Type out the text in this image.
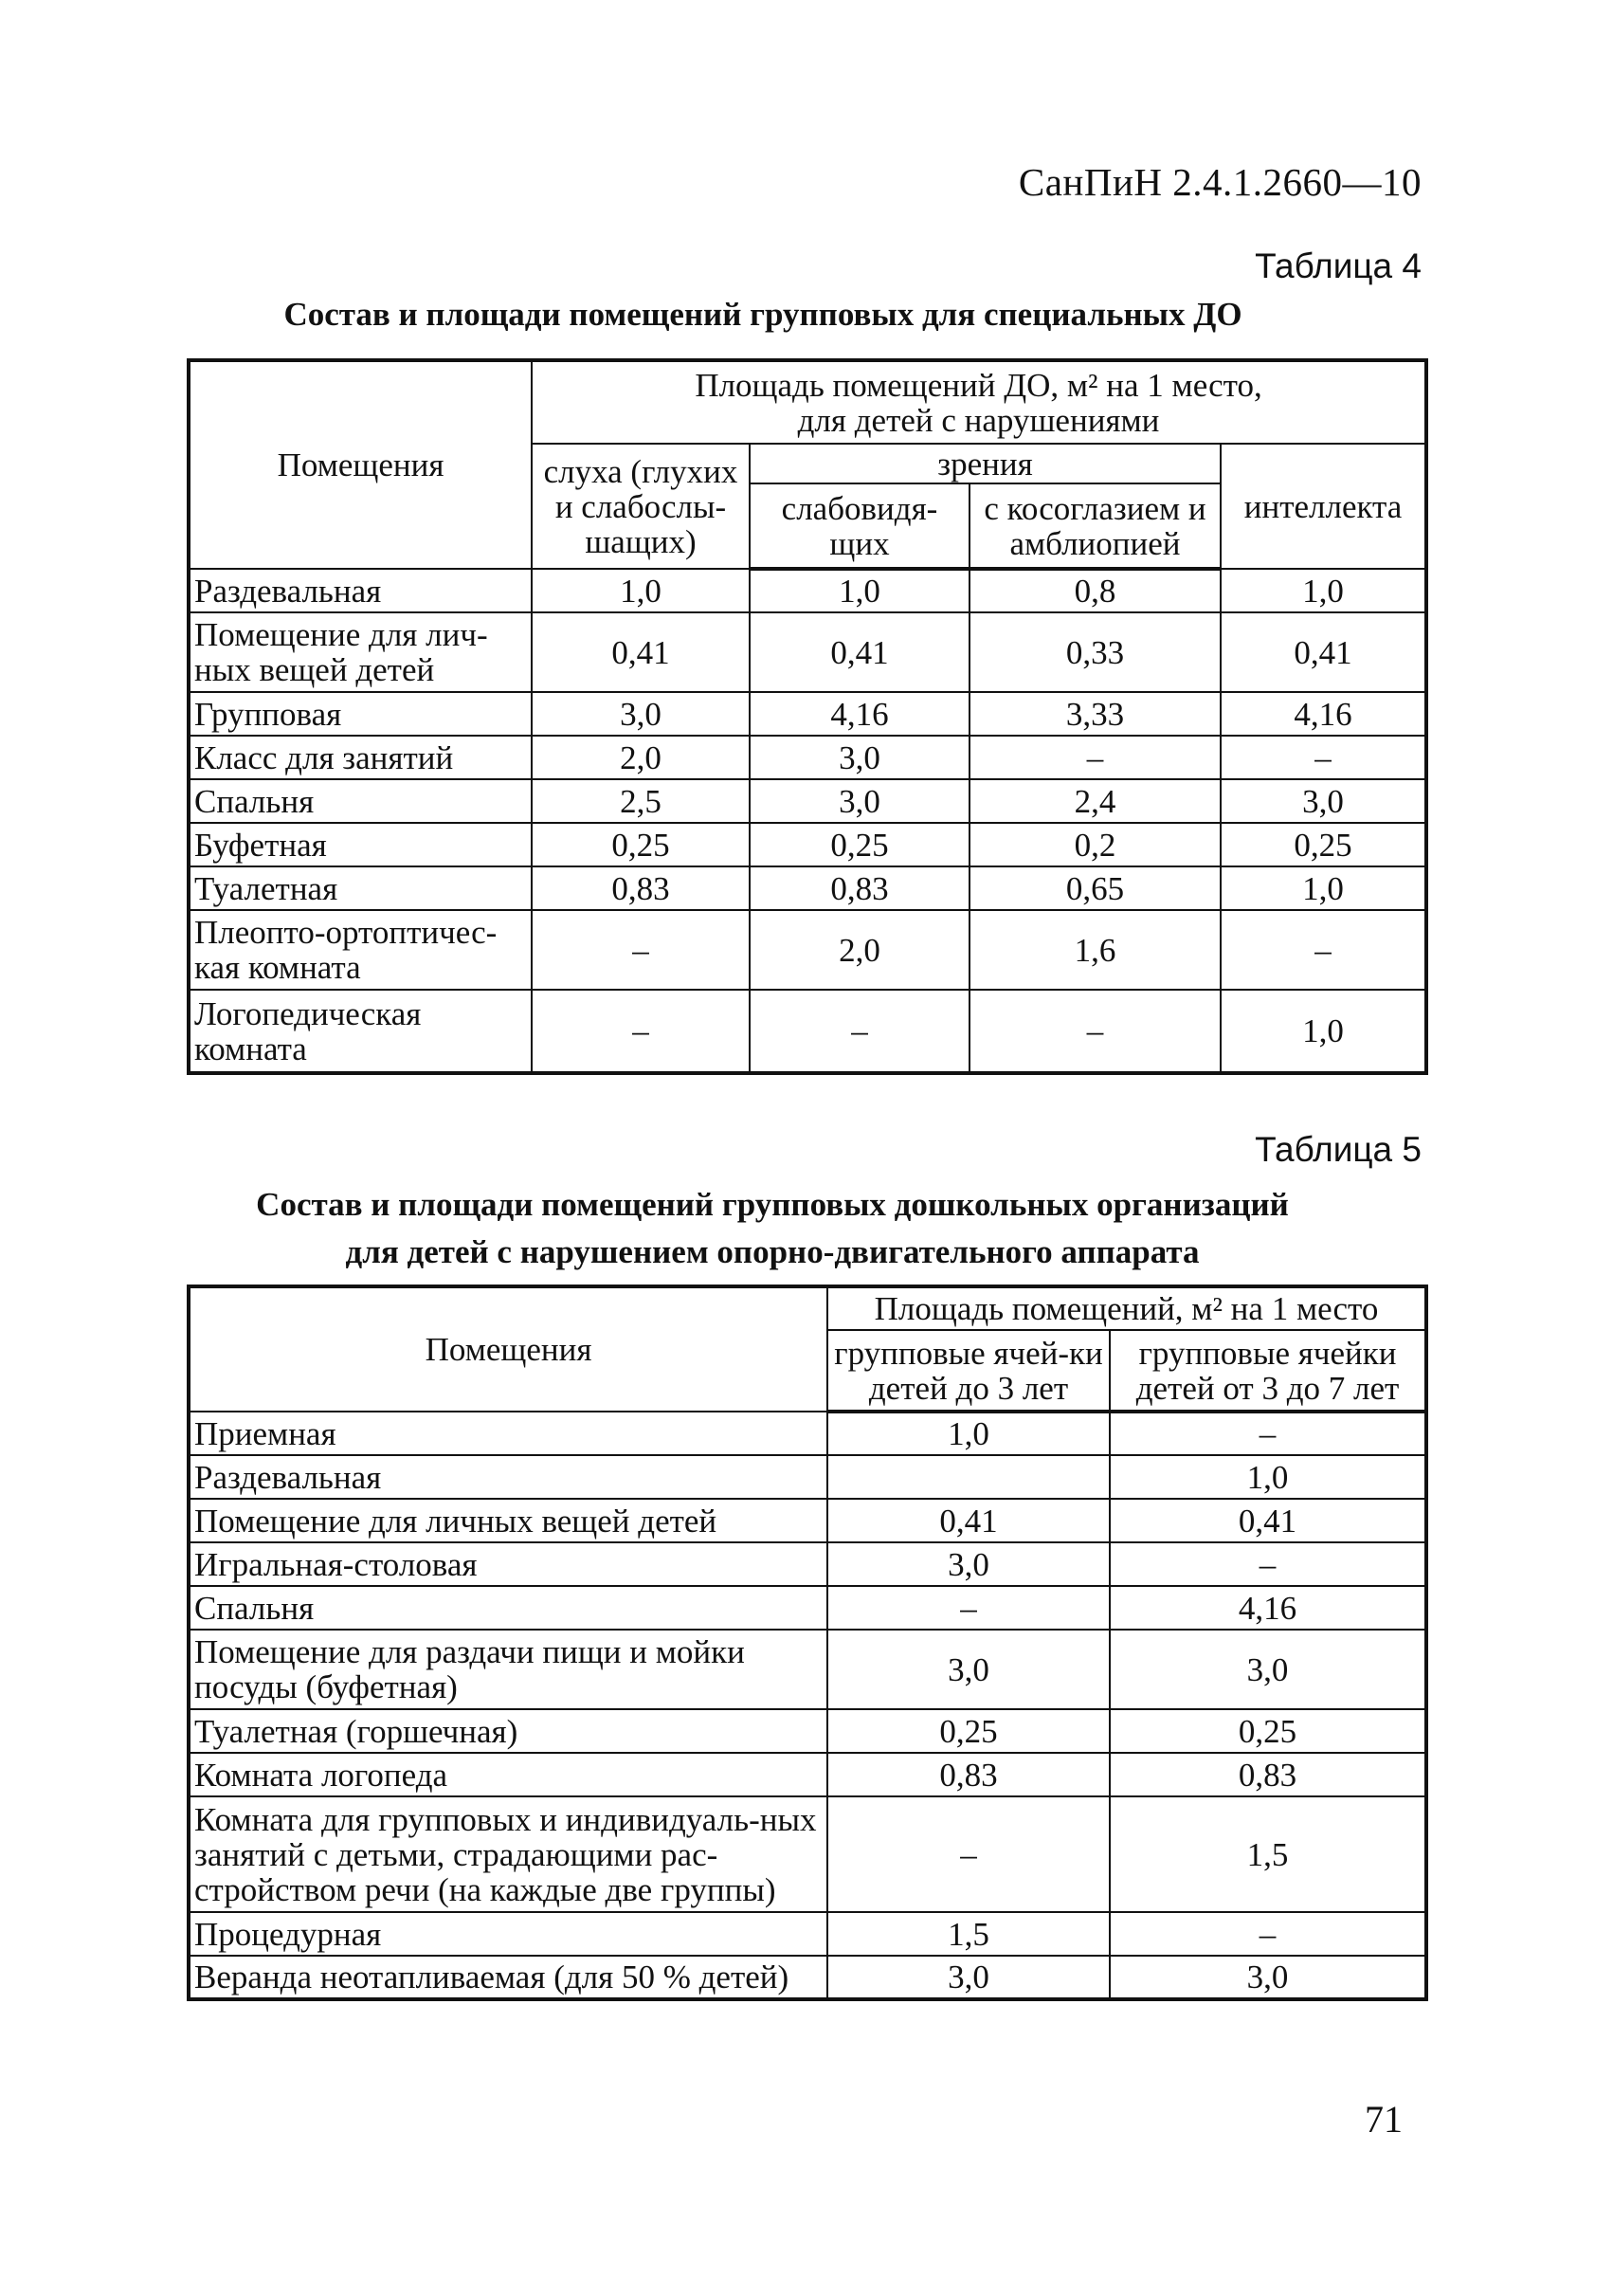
СанПиН 2.4.1.2660—10
Таблица 4
Состав и площади помещений групповых для специальных ДО
Помещения	Площадь помещений ДО, м² на 1 место,
для детей с нарушениями			

	слуха (глухих и слабослы-шащих)	зрения		интеллекта
		слабовидя-щих	с косоглазием и амблиопией	
Раздевальная	1,0	1,0	0,8	1,0
Помещение для лич-ных вещей детей	0,41	0,41	0,33	0,41
Групповая	3,0	4,16	3,33	4,16
Класс для занятий	2,0	3,0	–	–
Спальня	2,5	3,0	2,4	3,0
Буфетная	0,25	0,25	0,2	0,25
Туалетная	0,83	0,83	0,65	1,0
Плеопто-ортоптичес-кая комната	–	2,0	1,6	–
Логопедическая комната	–	–	–	1,0
Таблица 5
Состав и площади помещений групповых дошкольных организаций
для детей с нарушением опорно-двигательного аппарата
Помещения	Площадь помещений, м² на 1 место	
	групповые ячей-ки детей до 3 лет	групповые ячейки детей от 3 до 7 лет
Приемная	1,0	–
Раздевальная		1,0
Помещение для личных вещей детей	0,41	0,41
Игральная-столовая	3,0	–
Спальня	–	4,16
Помещение для раздачи пищи и мойки посуды (буфетная)	3,0	3,0
Туалетная (горшечная)	0,25	0,25
Комната логопеда	0,83	0,83
Комната для групповых и индивидуаль-ных занятий с детьми, страдающими рас-стройством речи (на каждые две группы)	–	1,5
Процедурная	1,5	–
Веранда неотапливаемая (для 50 % детей)	3,0	3,0
71
